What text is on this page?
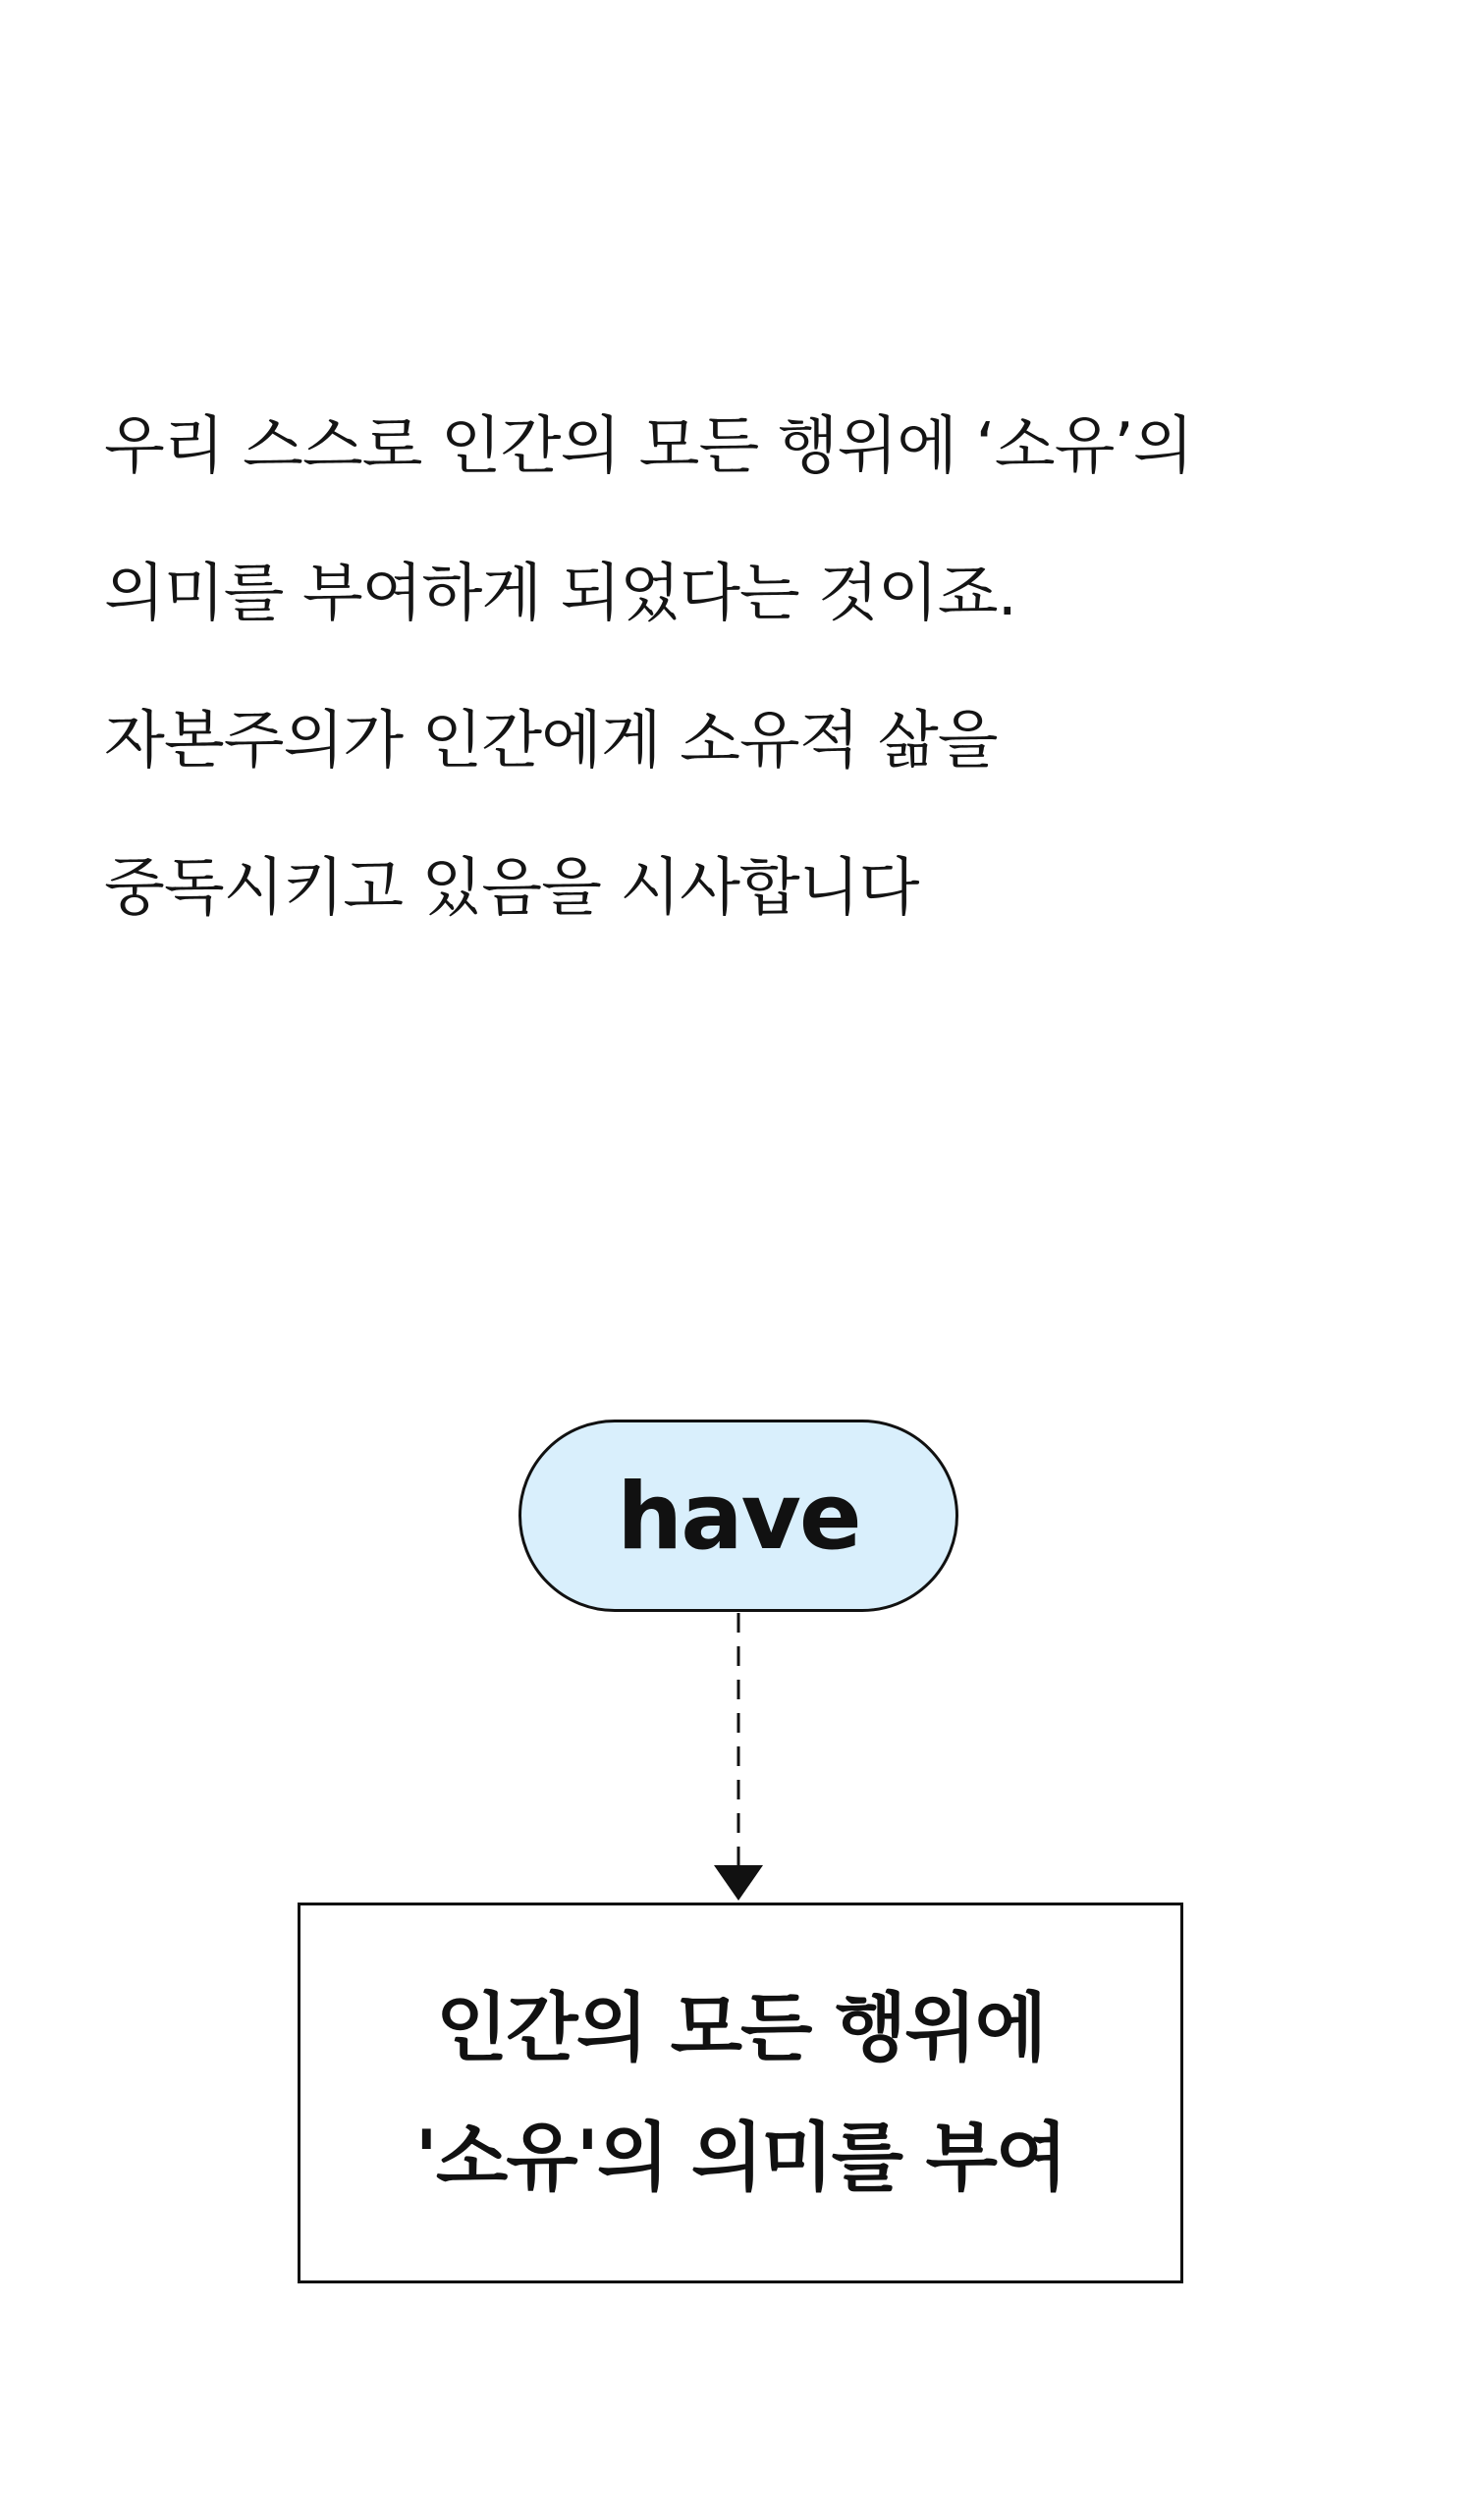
우리 스스로 인간의 모든 행위에 ‘소유’의
의미를 부여하게 되었다는 것이죠.
자본주의가 인간에게 소유적 삶을
중독시키고 있음을 시사합니다
have
인간의 모든 행위에
'소유'의 의미를 부여
